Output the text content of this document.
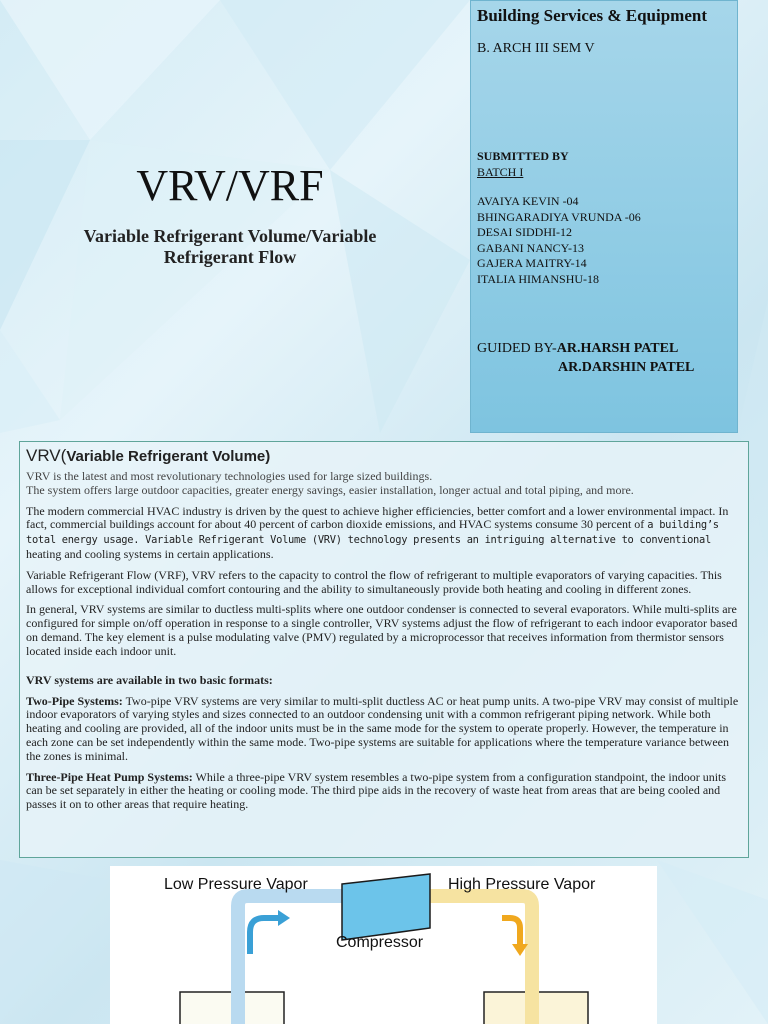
VRV/VRF
Variable Refrigerant Volume/Variable Refrigerant Flow
Building Services & Equipment
B. ARCH III SEM V
SUBMITTED BY
BATCH I
AVAIYA KEVIN -04
BHINGARADIYA VRUNDA -06
DESAI SIDDHI-12
GABANI NANCY-13
GAJERA MAITRY-14
ITALIA HIMANSHU-18
GUIDED BY-AR.HARSH PATEL
AR.DARSHIN PATEL
VRV(Variable Refrigerant Volume)

VRV is the latest and most revolutionary technologies used for large sized buildings.
The system offers large outdoor capacities, greater energy savings, easier installation, longer actual and total piping, and more.

The modern commercial HVAC industry is driven by the quest to achieve higher efficiencies, better comfort and a lower environmental impact. In fact, commercial buildings account for about 40 percent of carbon dioxide emissions, and HVAC systems consume 30 percent of a building’s total energy usage. Variable Refrigerant Volume (VRV) technology presents an intriguing alternative to conventional heating and cooling systems in certain applications.

Variable Refrigerant Flow (VRF), VRV refers to the capacity to control the flow of refrigerant to multiple evaporators of varying capacities. This allows for exceptional individual comfort contouring and the ability to simultaneously provide both heating and cooling in different zones.

In general, VRV systems are similar to ductless multi-splits where one outdoor condenser is connected to several evaporators. While multi-splits are configured for simple on/off operation in response to a single controller, VRV systems adjust the flow of refrigerant to each indoor evaporator based on demand. The key element is a pulse modulating valve (PMV) regulated by a microprocessor that receives information from thermistor sensors located inside each indoor unit.

VRV systems are available in two basic formats:

Two-Pipe Systems: Two-pipe VRV systems are very similar to multi-split ductless AC or heat pump units. A two-pipe VRV may consist of multiple indoor evaporators of varying styles and sizes connected to an outdoor condensing unit with a common refrigerant piping network. While both heating and cooling are provided, all of the indoor units must be in the same mode for the system to operate properly. However, the temperature in each zone can be set independently within the same mode. Two-pipe systems are suitable for applications where the temperature variance between the zones is minimal.

Three-Pipe Heat Pump Systems: While a three-pipe VRV system resembles a two-pipe system from a configuration standpoint, the indoor units can be set separately in either the heating or cooling mode. The third pipe aids in the recovery of waste heat from areas that are being cooled and passes it on to other areas that require heating.

Low Pressure Vapor	High Pressure Vapor
Compressor
